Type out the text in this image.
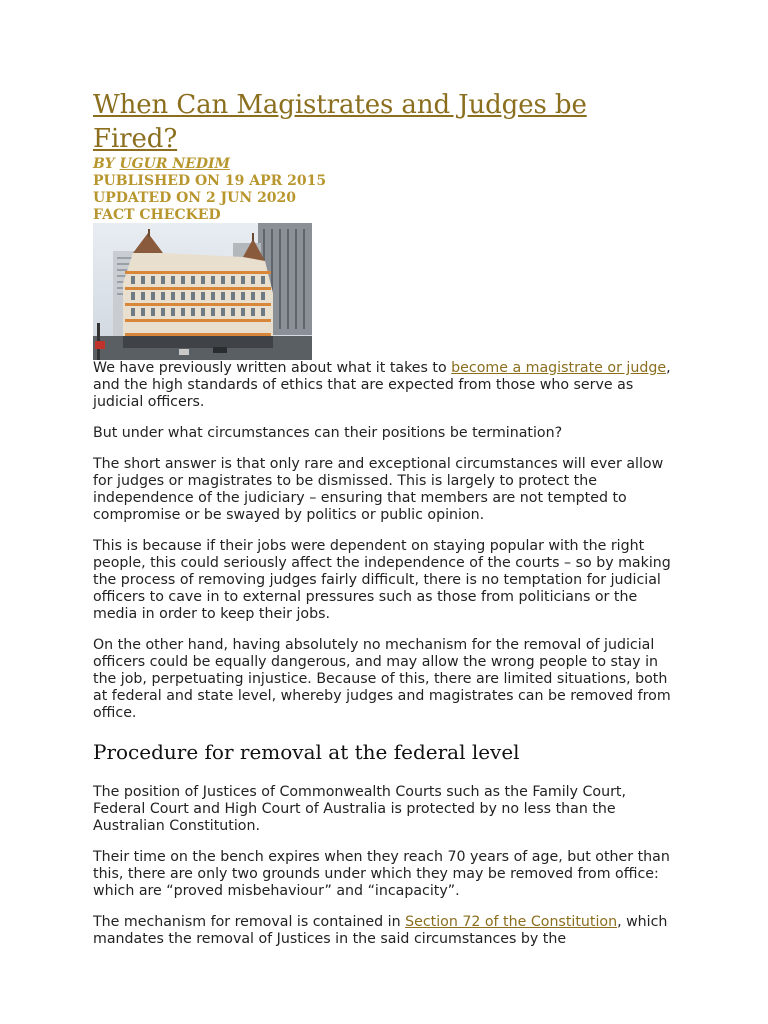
When Can Magistrates and Judges be Fired?
BY UGUR NEDIM
PUBLISHED ON 19 APR 2015
UPDATED ON 2 JUN 2020
FACT CHECKED

We have previously written about what it takes to become a magistrate or judge, and the high standards of ethics that are expected from those who serve as judicial officers.

But under what circumstances can their positions be termination?

The short answer is that only rare and exceptional circumstances will ever allow for judges or magistrates to be dismissed. This is largely to protect the independence of the judiciary – ensuring that members are not tempted to compromise or be swayed by politics or public opinion.

This is because if their jobs were dependent on staying popular with the right people, this could seriously affect the independence of the courts – so by making the process of removing judges fairly difficult, there is no temptation for judicial officers to cave in to external pressures such as those from politicians or the media in order to keep their jobs.

On the other hand, having absolutely no mechanism for the removal of judicial officers could be equally dangerous, and may allow the wrong people to stay in the job, perpetuating injustice. Because of this, there are limited situations, both at federal and state level, whereby judges and magistrates can be removed from office.

Procedure for removal at the federal level

The position of Justices of Commonwealth Courts such as the Family Court, Federal Court and High Court of Australia is protected by no less than the Australian Constitution.

Their time on the bench expires when they reach 70 years of age, but other than this, there are only two grounds under which they may be removed from office: which are “proved misbehaviour” and “incapacity”.

The mechanism for removal is contained in Section 72 of the Constitution, which mandates the removal of Justices in the said circumstances by the
